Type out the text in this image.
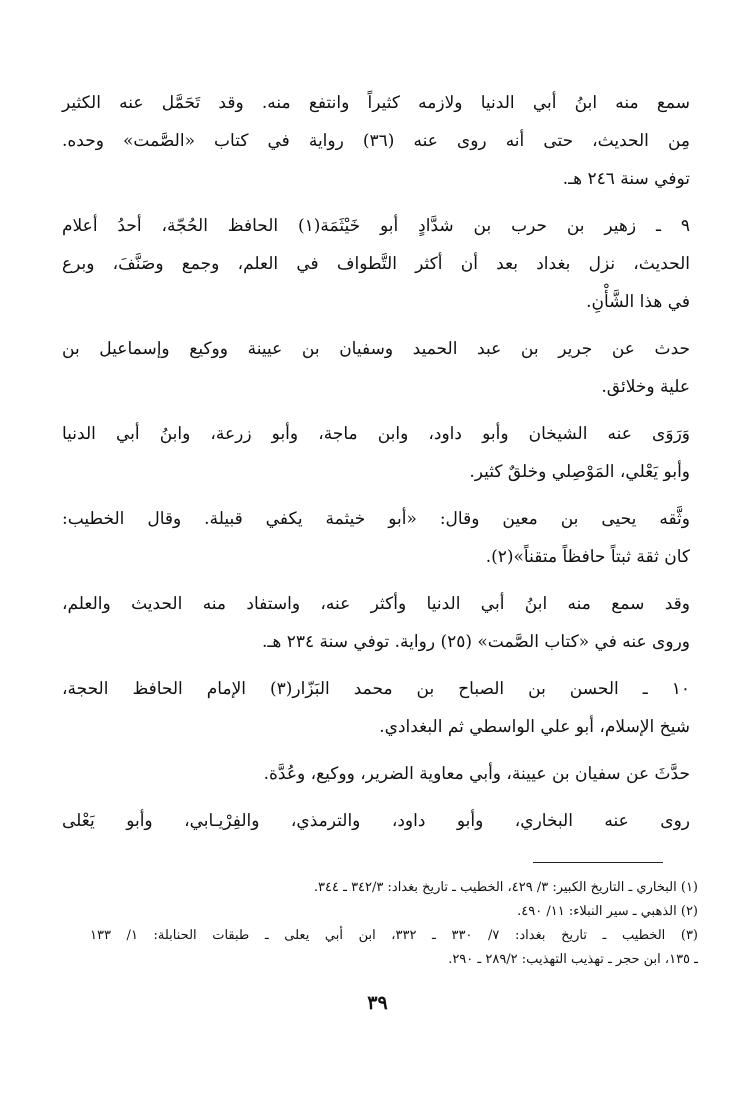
سمع منه ابنُ أبي الدنيا ولازمه كثيراً وانتفع منه. وقد تَحَمَّل عنه الكثير
مِن الحديث، حتى أنه روى عنه (٣٦) رواية في كتاب «الصَّمت» وحده.
توفي سنة ٢٤٦ هـ.
٩ ـ زهير بن حرب بن شدَّادٍ أبو خَيْثَمَة(١) الحافظ الحُجّة، أحدُ أعلام
الحديث، نزل بغداد بعد أن أكثر التَّطواف في العلم، وجمع وصَنَّفَ، وبرع
في هذا الشَّأْنِ.
حدث عن جرير بن عبد الحميد وسفيان بن عيينة ووكيع وإسماعيل بن
علية وخلائق.
وَرَوَى عنه الشيخان وأبو داود، وابن ماجة، وأبو زرعة، وابنُ أبي الدنيا
وأبو يَعْلي، المَوْصِلي وخلقٌ كثير.
وثَّقه يحيى بن معين وقال: «أبو خيثمة يكفي قبيلة. وقال الخطيب:
كان ثقة ثبتاً حافظاً متقناً»(٢).
وقد سمع منه ابنُ أبي الدنيا وأكثر عنه، واستفاد منه الحديث والعلم،
وروى عنه في «كتاب الصَّمت» (٢٥) رواية. توفي سنة ٢٣٤ هـ.
١٠ ـ الحسن بن الصباح بن محمد البَزّار(٣) الإمام الحافظ الحجة،
شيخ الإسلام، أبو علي الواسطي ثم البغدادي.
حدَّثَ عن سفيان بن عيينة، وأبي معاوية الضرير، ووكيع، وعُدَّة.
روى عنه البخاري، وأبو داود، والترمذي، والفِرْيـابي، وأبو يَعْلى
(١) البخاري ـ التاريخ الكبير: ٣/ ٤٢٩، الخطيب ـ تاريخ بغداد: ٣٤٢/٣ ـ ٣٤٤.
(٢) الذهبي ـ سير النبلاء: ١١/ ٤٩٠.
(٣) الخطيب ـ تاريخ بغداد: ٧/ ٣٣٠ ـ ٣٣٢، ابن أبي يعلى ـ طبقات الحنابلة: ١/ ١٣٣
ـ ١٣٥، ابن حجر ـ تهذيب التهذيب: ٢٨٩/٢ ـ ٢٩٠.
٣٩
